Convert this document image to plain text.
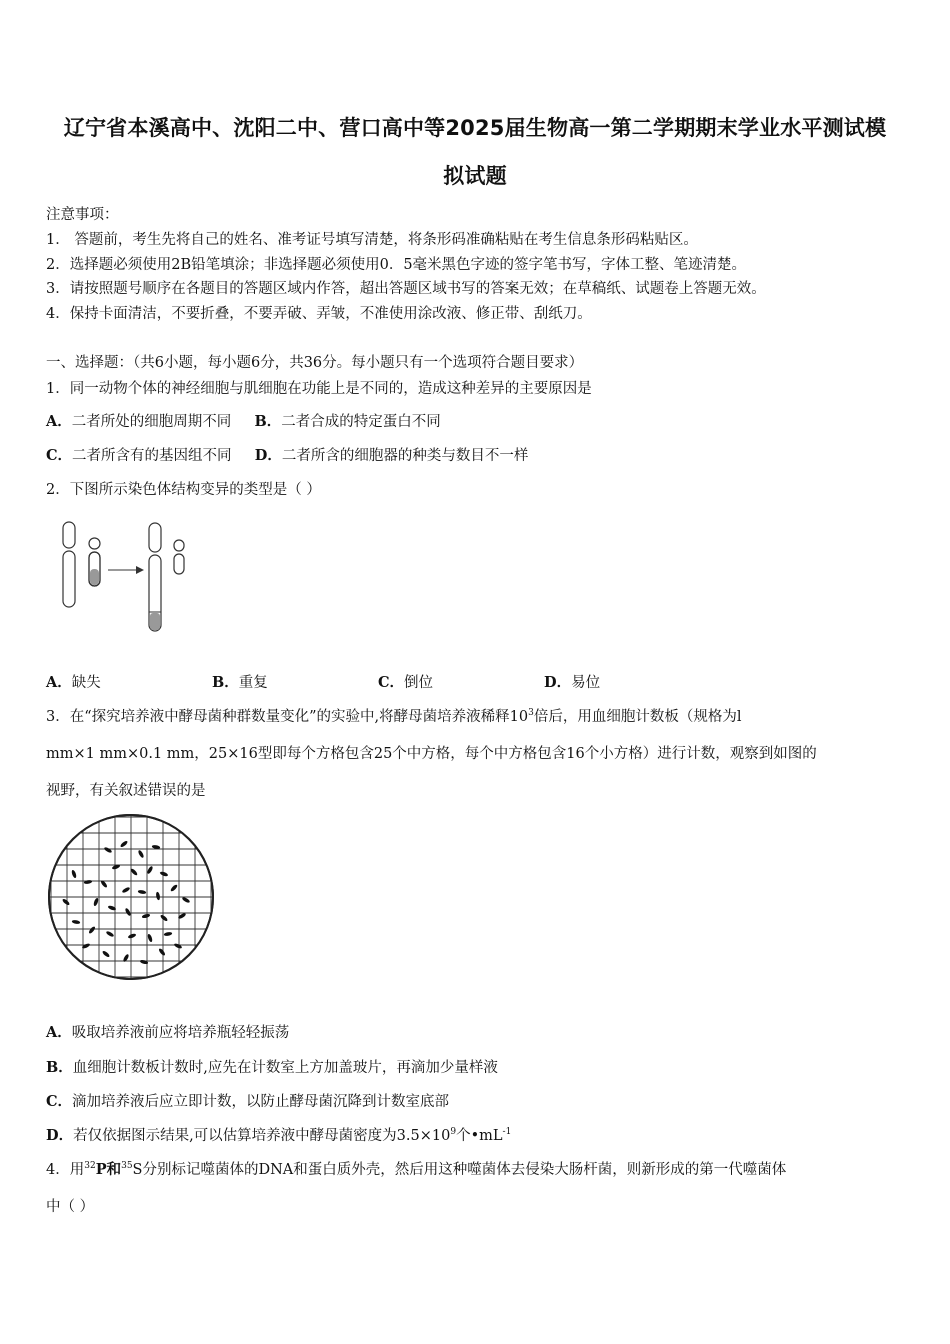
辽宁省本溪高中、沈阳二中、营口高中等2025届生物高一第二学期期末学业水平测试模
拟试题
注意事项：
1． 答题前，考生先将自己的姓名、准考证号填写清楚，将条形码准确粘贴在考生信息条形码粘贴区。
2．选择题必须使用2B铅笔填涂；非选择题必须使用0．5毫米黑色字迹的签字笔书写，字体工整、笔迹清楚。
3．请按照题号顺序在各题目的答题区域内作答，超出答题区域书写的答案无效；在草稿纸、试题卷上答题无效。
4．保持卡面清洁，不要折叠，不要弄破、弄皱，不准使用涂改液、修正带、刮纸刀。
一、选择题：（共6小题，每小题6分，共36分。每小题只有一个选项符合题目要求）
1．同一动物个体的神经细胞与肌细胞在功能上是不同的，造成这种差异的主要原因是
A．二者所处的细胞周期不同 B．二者合成的特定蛋白不同
C．二者所含有的基因组不同 D．二者所含的细胞器的种类与数目不一样
2．下图所示染色体结构变异的类型是（ ）
A．缺失	B．重复	C．倒位	D．易位
3．在“探究培养液中酵母菌种群数量变化”的实验中,将酵母菌培养液稀释$10^3$倍后，用血细胞计数板（规格为l
mm×1 mm×0.1 mm，25×16型即每个方格包含25个中方格，每个中方格包含16个小方格）进行计数，观察到如图的
视野，有关叙述错误的是
A．吸取培养液前应将培养瓶轻轻振荡
B．血细胞计数板计数时,应先在计数室上方加盖玻片，再滴加少量样液
C．滴加培养液后应立即计数，以防止酵母菌沉降到计数室底部
D．若仅依据图示结果,可以估算培养液中酵母菌密度为$3.5\times 10^9$个$•mL^{-1}$
4．用$^{32}$P和$^{35}$S分别标记噬菌体的DNA和蛋白质外壳，然后用这种噬菌体去侵染大肠杆菌，则新形成的第一代噬菌体
中（ ）
